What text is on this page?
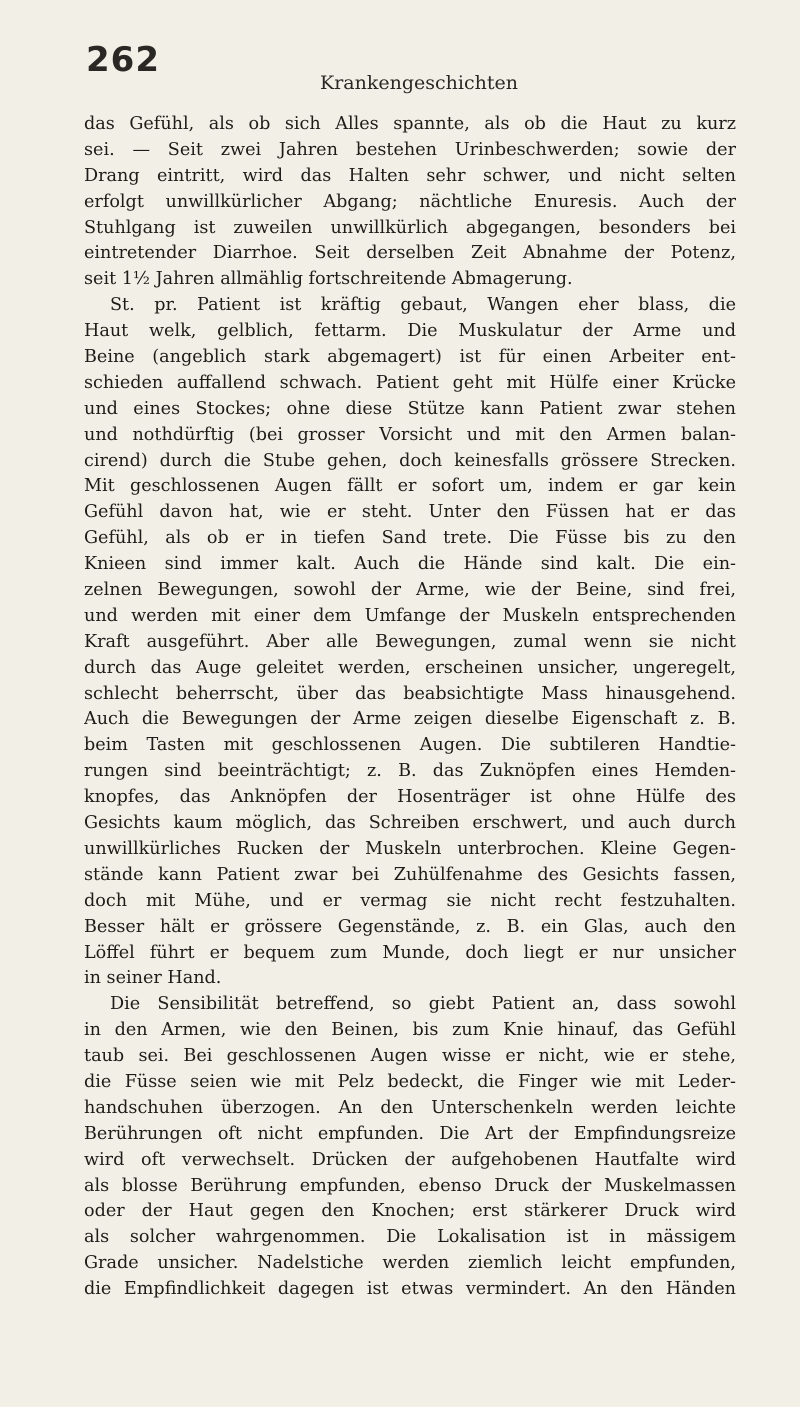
262
Krankengeschichten
das Gefühl, als ob sich Alles spannte, als ob die Haut zu kurz
sei. — Seit zwei Jahren bestehen Urinbeschwerden; sowie der
Drang eintritt, wird das Halten sehr schwer, und nicht selten
erfolgt unwillkürlicher Abgang; nächtliche Enuresis. Auch der
Stuhlgang ist zuweilen unwillkürlich abgegangen, besonders bei
eintretender Diarrhoe. Seit derselben Zeit Abnahme der Potenz,
seit 1½ Jahren allmählig fortschreitende Abmagerung.
St. pr. Patient ist kräftig gebaut, Wangen eher blass, die
Haut welk, gelblich, fettarm. Die Muskulatur der Arme und
Beine (angeblich stark abgemagert) ist für einen Arbeiter ent-
schieden auffallend schwach. Patient geht mit Hülfe einer Krücke
und eines Stockes; ohne diese Stütze kann Patient zwar stehen
und nothdürftig (bei grosser Vorsicht und mit den Armen balan-
cirend) durch die Stube gehen, doch keinesfalls grössere Strecken.
Mit geschlossenen Augen fällt er sofort um, indem er gar kein
Gefühl davon hat, wie er steht. Unter den Füssen hat er das
Gefühl, als ob er in tiefen Sand trete. Die Füsse bis zu den
Knieen sind immer kalt. Auch die Hände sind kalt. Die ein-
zelnen Bewegungen, sowohl der Arme, wie der Beine, sind frei,
und werden mit einer dem Umfange der Muskeln entsprechenden
Kraft ausgeführt. Aber alle Bewegungen, zumal wenn sie nicht
durch das Auge geleitet werden, erscheinen unsicher, ungeregelt,
schlecht beherrscht, über das beabsichtigte Mass hinausgehend.
Auch die Bewegungen der Arme zeigen dieselbe Eigenschaft z. B.
beim Tasten mit geschlossenen Augen. Die subtileren Handtie-
rungen sind beeinträchtigt; z. B. das Zuknöpfen eines Hemden-
knopfes, das Anknöpfen der Hosenträger ist ohne Hülfe des
Gesichts kaum möglich, das Schreiben erschwert, und auch durch
unwillkürliches Rucken der Muskeln unterbrochen. Kleine Gegen-
stände kann Patient zwar bei Zuhülfenahme des Gesichts fassen,
doch mit Mühe, und er vermag sie nicht recht festzuhalten.
Besser hält er grössere Gegenstände, z. B. ein Glas, auch den
Löffel führt er bequem zum Munde, doch liegt er nur unsicher
in seiner Hand.
Die Sensibilität betreffend, so giebt Patient an, dass sowohl
in den Armen, wie den Beinen, bis zum Knie hinauf, das Gefühl
taub sei. Bei geschlossenen Augen wisse er nicht, wie er stehe,
die Füsse seien wie mit Pelz bedeckt, die Finger wie mit Leder-
handschuhen überzogen. An den Unterschenkeln werden leichte
Berührungen oft nicht empfunden. Die Art der Empfindungsreize
wird oft verwechselt. Drücken der aufgehobenen Hautfalte wird
als blosse Berührung empfunden, ebenso Druck der Muskelmassen
oder der Haut gegen den Knochen; erst stärkerer Druck wird
als solcher wahrgenommen. Die Lokalisation ist in mässigem
Grade unsicher. Nadelstiche werden ziemlich leicht empfunden,
die Empfindlichkeit dagegen ist etwas vermindert. An den Händen
